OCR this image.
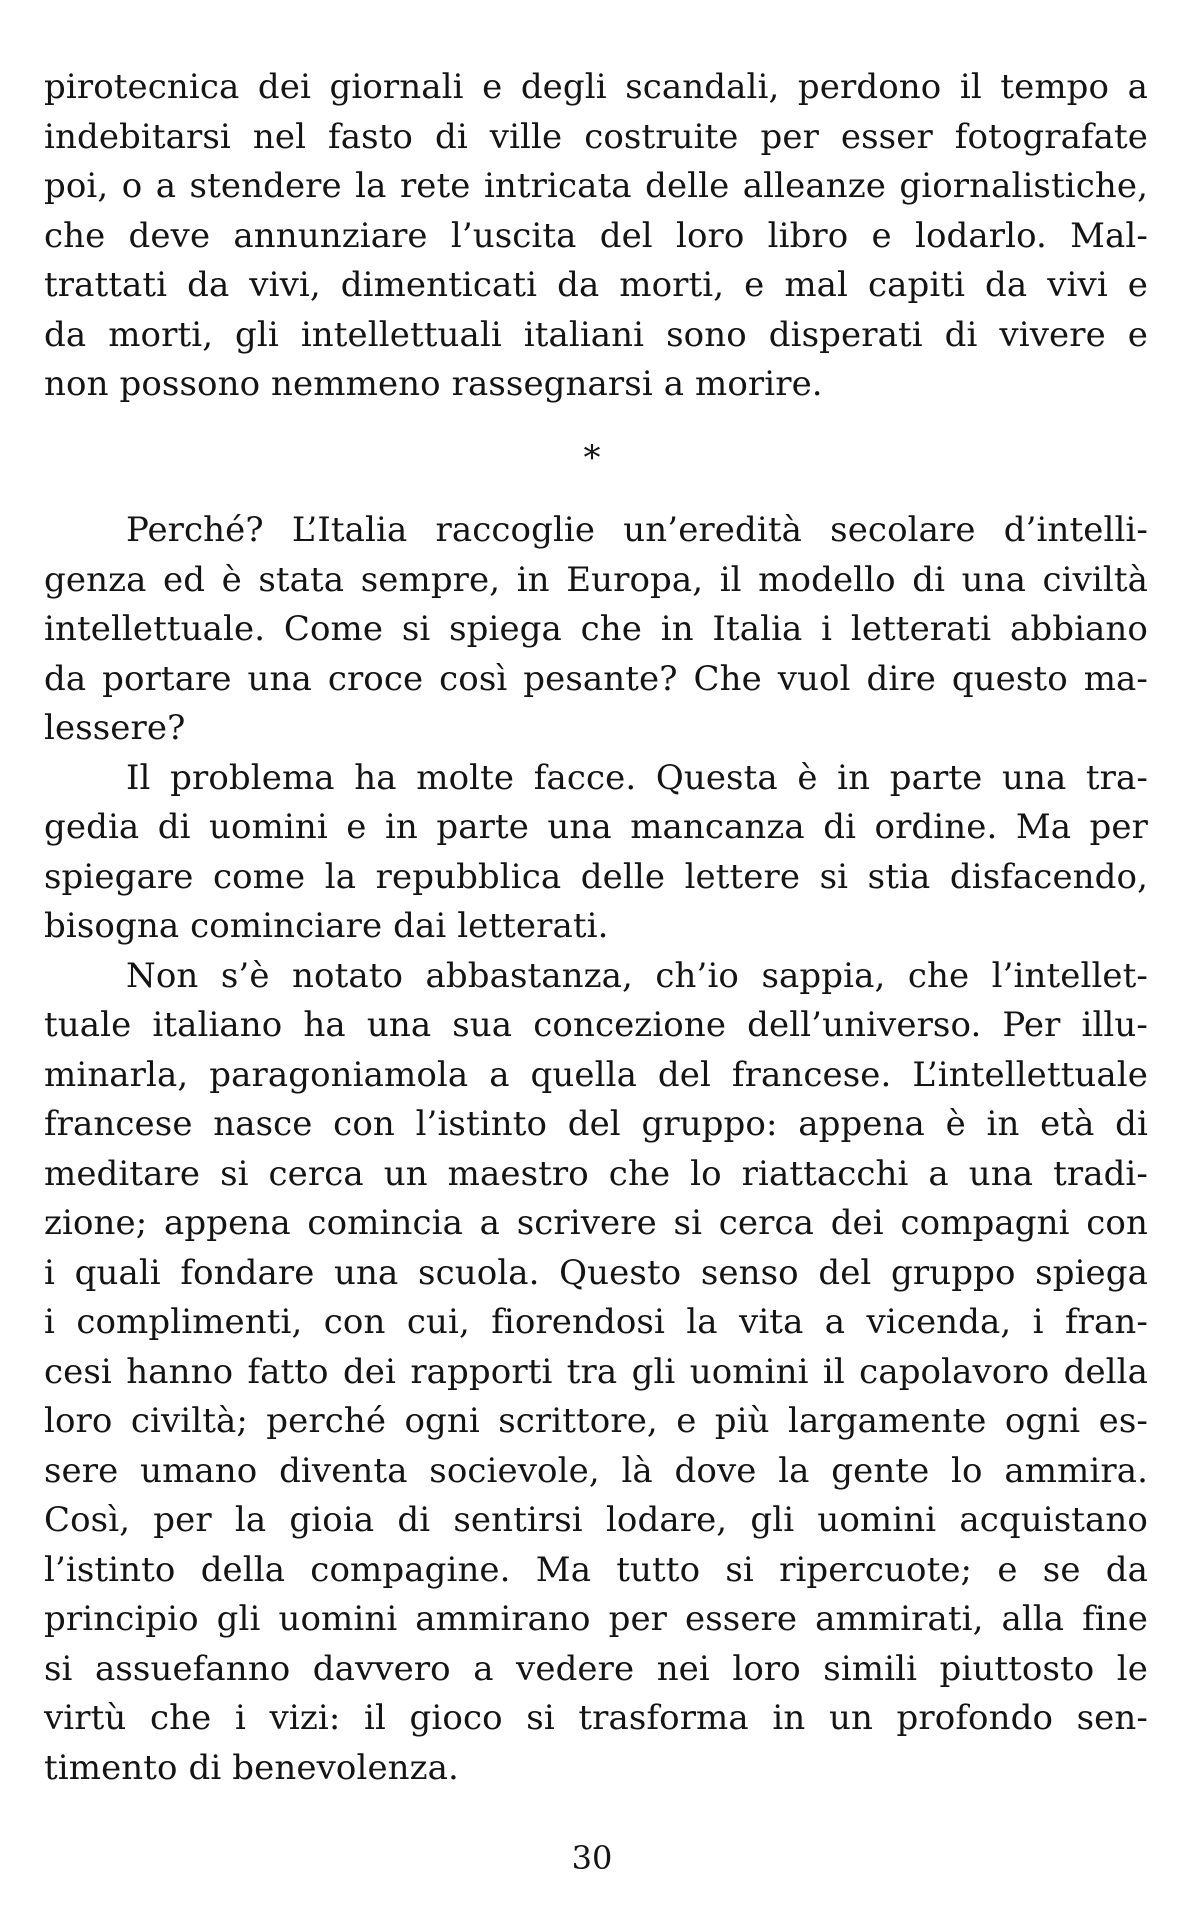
pirotecnica dei giornali e degli scandali, perdono il tempo a
indebitarsi nel fasto di ville costruite per esser fotografate
poi, o a stendere la rete intricata delle alleanze giornalistiche,
che deve annunziare l’uscita del loro libro e lodarlo. Mal-
trattati da vivi, dimenticati da morti, e mal capiti da vivi e
da morti, gli intellettuali italiani sono disperati di vivere e
non possono nemmeno rassegnarsi a morire.
*
Perché? L’Italia raccoglie un’eredità secolare d’intelli-
genza ed è stata sempre, in Europa, il modello di una civiltà
intellettuale. Come si spiega che in Italia i letterati abbiano
da portare una croce così pesante? Che vuol dire questo ma-
lessere?
Il problema ha molte facce. Questa è in parte una tra-
gedia di uomini e in parte una mancanza di ordine. Ma per
spiegare come la repubblica delle lettere si stia disfacendo,
bisogna cominciare dai letterati.
Non s’è notato abbastanza, ch’io sappia, che l’intellet-
tuale italiano ha una sua concezione dell’universo. Per illu-
minarla, paragoniamola a quella del francese. L’intellettuale
francese nasce con l’istinto del gruppo: appena è in età di
meditare si cerca un maestro che lo riattacchi a una tradi-
zione; appena comincia a scrivere si cerca dei compagni con
i quali fondare una scuola. Questo senso del gruppo spiega
i complimenti, con cui, fiorendosi la vita a vicenda, i fran-
cesi hanno fatto dei rapporti tra gli uomini il capolavoro della
loro civiltà; perché ogni scrittore, e più largamente ogni es-
sere umano diventa socievole, là dove la gente lo ammira.
Così, per la gioia di sentirsi lodare, gli uomini acquistano
l’istinto della compagine. Ma tutto si ripercuote; e se da
principio gli uomini ammirano per essere ammirati, alla fine
si assuefanno davvero a vedere nei loro simili piuttosto le
virtù che i vizi: il gioco si trasforma in un profondo sen-
timento di benevolenza.
30
